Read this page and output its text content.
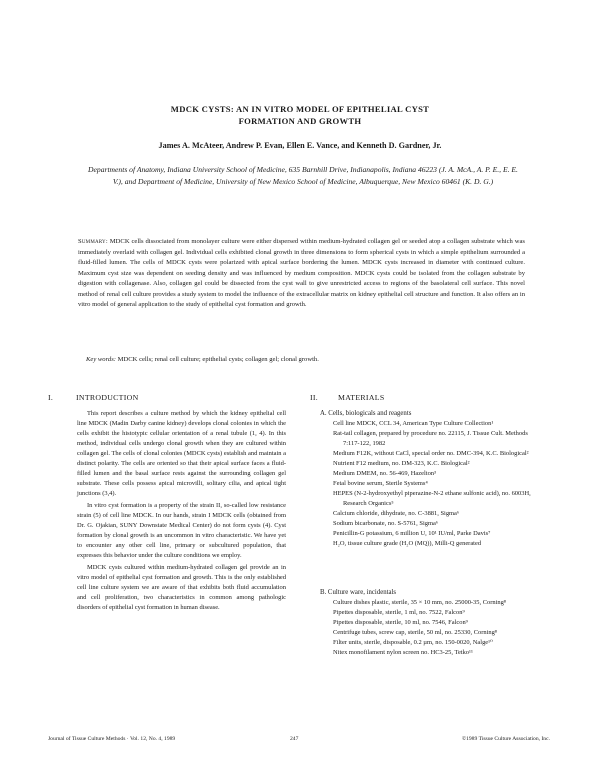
MDCK CYSTS: AN IN VITRO MODEL OF EPITHELIAL CYST
FORMATION AND GROWTH
James A. McAteer, Andrew P. Evan, Ellen E. Vance, and Kenneth D. Gardner, Jr.
Departments of Anatomy, Indiana University School of Medicine, 635 Barnhill Drive, Indianapolis, Indiana 46223 (J. A. McA., A. P. E., E. E. V.), and Department of Medicine, University of New Mexico School of Medicine, Albuquerque, New Mexico 60461 (K. D. G.)
Summary: MDCK cells dissociated from monolayer culture were either dispersed within medium-hydrated collagen gel or seeded atop a collagen substrate which was immediately overlaid with collagen gel. Individual cells exhibited clonal growth in three dimensions to form spherical cysts in which a simple epithelium surrounded a fluid-filled lumen. The cells of MDCK cysts were polarized with apical surface bordering the lumen. MDCK cysts increased in diameter with continued culture. Maximum cyst size was dependent on seeding density and was influenced by medium composition. MDCK cysts could be isolated from the collagen substrate by digestion with collagenase. Also, collagen gel could be dissected from the cyst wall to give unrestricted access to regions of the basolateral cell surface. This novel method of renal cell culture provides a study system to model the influence of the extracellular matrix on kidney epithelial cell structure and function. It also offers an in vitro model of general application to the study of epithelial cyst formation and growth.
Key words: MDCK cells; renal cell culture; epithelial cysts; collagen gel; clonal growth.
I.	INTRODUCTION

This report describes a culture method by which the kidney epithelial cell line MDCK (Madin Darby canine kidney) develops clonal colonies in which the cells exhibit the histotypic cellular orientation of a renal tubule (1, 4). In this method, individual cells undergo clonal growth when they are cultured within collagen gel. The cells of clonal colonies (MDCK cysts) establish and maintain a distinct polarity. The cells are oriented so that their apical surface faces a fluid-filled lumen and the basal surface rests against the surrounding collagen gel substrate. These cells possess apical microvilli, solitary cilia, and apical tight junctions (3,4).

In vitro cyst formation is a property of the strain II, so-called low resistance strain (5) of cell line MDCK. In our hands, strain I MDCK cells (obtained from Dr. G. Ojakian, SUNY Downstate Medical Center) do not form cysts (4). Cyst formation by clonal growth is an uncommon in vitro characteristic. We have yet to encounter any other cell line, primary or subcultured population, that expresses this behavior under the culture conditions we employ.

MDCK cysts cultured within medium-hydrated collagen gel provide an in vitro model of epithelial cyst formation and growth. This is the only established cell line culture system we are aware of that exhibits both fluid accumulation and cell proliferation, two characteristics in common among pathologic disorders of epithelial cyst formation in human disease.

II.	MATERIALS
A. Cells, biologicals and reagents
Cell line MDCK, CCL 34, American Type Culture Collection¹
Rat-tail collagen, prepared by procedure no. 22115, J. Tissue Cult. Methods 7:117-122, 1982
Medium F12K, without CaCl, special order no. DMC-394, K.C. Biological²
Nutrient F12 medium, no. DM-323, K.C. Biological²
Medium DMEM, no. 56-469, Hazelton³
Fetal bovine serum, Sterile Systems⁴
HEPES (N-2-hydroxyethyl piperazine-N-2 ethane sulfonic acid), no. 6003H, Research Organics⁵
Calcium chloride, dihydrate, no. C-3881, Sigma⁶
Sodium bicarbonate, no. S-5761, Sigma⁶
Penicillin-G potassium, 6 million U, 10¹ IU/ml, Parke Davis⁷
H₂O, tissue culture grade (H₂O (MQ)), Milli-Q generated
B. Culture ware, incidentals
Culture dishes plastic, sterile, 35 × 10 mm, no. 25000-35, Corning⁸
Pipettes disposable, sterile, 1 ml, no. 7522, Falcon⁹
Pipettes disposable, sterile, 10 ml, no. 7546, Falcon⁹
Centrifuge tubes, screw cap, sterile, 50 ml, no. 25330, Corning⁸
Filter units, sterile, disposable, 0.2 µm, no. 150-0020, Nalge¹⁰
Nitex monofilament nylon screen no. HC3-25, Tetko¹¹
Journal of Tissue Culture Methods · Vol. 12, No. 4, 1989	247	©1989 Tissue Culture Association, Inc.
